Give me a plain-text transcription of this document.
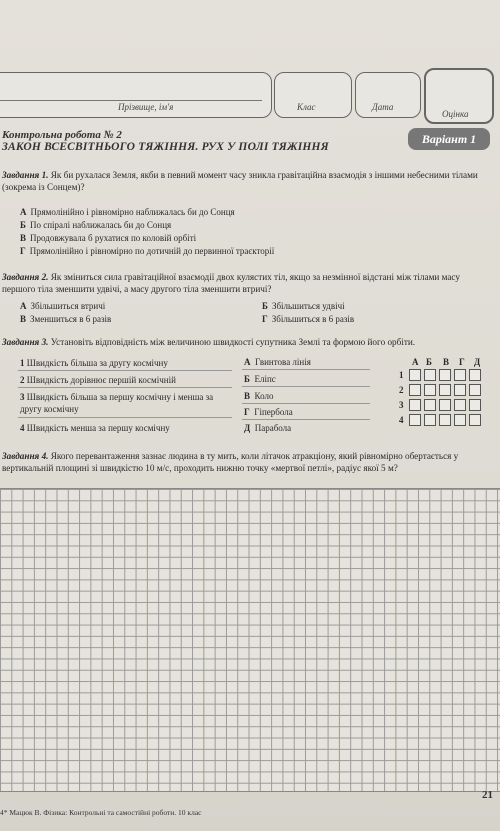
Прізвище, ім'я	Клас	Дата
Оцінка
Контрольна робота № 2
ЗАКОН ВСЕСВІТНЬОГО ТЯЖІННЯ. РУХ У ПОЛІ ТЯЖІННЯ
Варіант 1
Завдання 1. Як би рухалася Земля, якби в певний момент часу зникла гравітаційна взаємодія з іншими небесними тілами (зокрема із Сонцем)?
А Прямолінійно і рівномірно наближалась би до Сонця
Б По спіралі наближалась би до Сонця
В Продовжувала б рухатися по коловій орбіті
Г Прямолінійно і рівномірно по дотичній до первинної траєкторії
Завдання 2. Як зміниться сила гравітаційної взаємодії двох кулястих тіл, якщо за незмінної відстані між тілами масу першого тіла зменшити удвічі, а масу другого тіла зменшити втричі?
А Збільшиться втричі	Б Збільшиться удвічі
В Зменшиться в 6 разів	Г Збільшиться в 6 разів
Завдання 3. Установіть відповідність між величиною швидкості супутника Землі та формою його орбіти.
1 Швидкість більша за другу космічну
2 Швидкість дорівнює першій космічній
3 Швидкість більша за першу космічну і менша за другу космічну
4 Швидкість менша за першу космічну
А Гвинтова лінія
Б Еліпс
В Коло
Г Гіпербола
Д Парабола
А Б В Г Д
1
2
3
4
Завдання 4. Якого перевантаження зазнає людина в ту мить, коли літачок атракціону, який рівномірно обертається у вертикальній площині зі швидкістю 10 м/с, проходить нижню точку «мертвої петлі», радіус якої 5 м?
21
4* Мацюк В. Фізика: Контрольні та самостійні роботи. 10 клас
